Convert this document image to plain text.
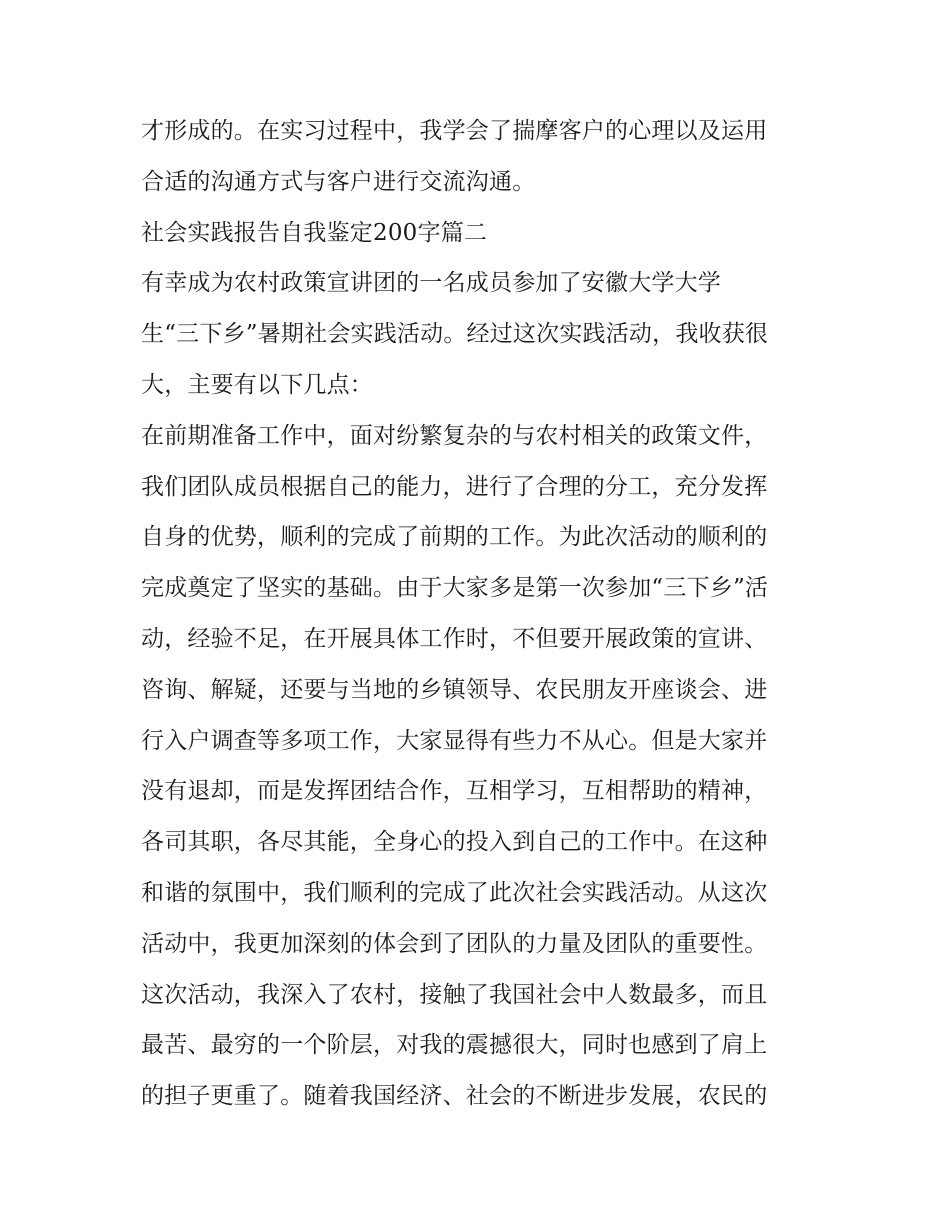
才形成的。在实习过程中，我学会了揣摩客户的心理以及运用
合适的沟通方式与客户进行交流沟通。
社会实践报告自我鉴定200字篇二
有幸成为农村政策宣讲团的一名成员参加了安徽大学大学
生“三下乡”暑期社会实践活动。经过这次实践活动，我收获很
大，主要有以下几点：
在前期准备工作中，面对纷繁复杂的与农村相关的政策文件，
我们团队成员根据自己的能力，进行了合理的分工，充分发挥
自身的优势，顺利的完成了前期的工作。为此次活动的顺利的
完成奠定了坚实的基础。由于大家多是第一次参加“三下乡”活
动，经验不足，在开展具体工作时，不但要开展政策的宣讲、
咨询、解疑，还要与当地的乡镇领导、农民朋友开座谈会、进
行入户调查等多项工作，大家显得有些力不从心。但是大家并
没有退却，而是发挥团结合作，互相学习，互相帮助的精神，
各司其职，各尽其能，全身心的投入到自己的工作中。在这种
和谐的氛围中，我们顺利的完成了此次社会实践活动。从这次
活动中，我更加深刻的体会到了团队的力量及团队的重要性。
这次活动，我深入了农村，接触了我国社会中人数最多，而且
最苦、最穷的一个阶层，对我的震撼很大，同时也感到了肩上
的担子更重了。随着我国经济、社会的不断进步发展，农民的
